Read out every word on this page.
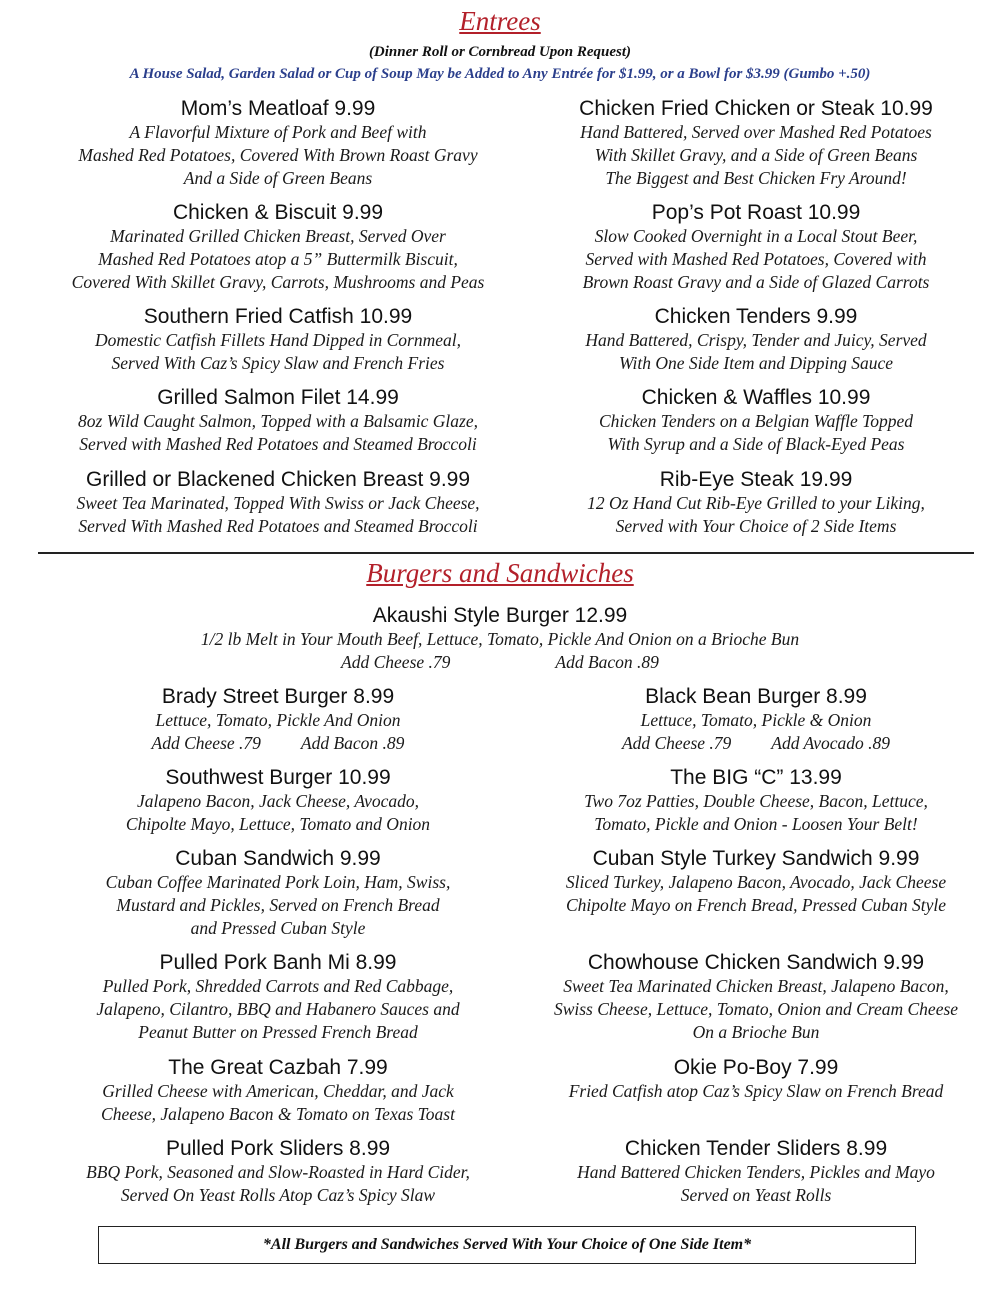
Entrees
(Dinner Roll or Cornbread Upon Request)
A House Salad, Garden Salad or Cup of Soup May be Added to Any Entrée for $1.99, or a Bowl for $3.99 (Gumbo +.50)
Mom’s Meatloaf 9.99
A Flavorful Mixture of Pork and Beef with
Mashed Red Potatoes, Covered With Brown Roast Gravy
And a Side of Green Beans
Chicken & Biscuit 9.99
Marinated Grilled Chicken Breast, Served Over
Mashed Red Potatoes atop a 5” Buttermilk Biscuit,
Covered With Skillet Gravy, Carrots, Mushrooms and Peas
Southern Fried Catfish 10.99
Domestic Catfish Fillets Hand Dipped in Cornmeal,
Served With Caz’s Spicy Slaw and French Fries
Grilled Salmon Filet 14.99
8oz Wild Caught Salmon, Topped with a Balsamic Glaze,
Served with Mashed Red Potatoes and Steamed Broccoli
Grilled or Blackened Chicken Breast 9.99
Sweet Tea Marinated, Topped With Swiss or Jack Cheese,
Served With Mashed Red Potatoes and Steamed Broccoli
Chicken Fried Chicken or Steak 10.99
Hand Battered, Served over Mashed Red Potatoes
With Skillet Gravy, and a Side of Green Beans
The Biggest and Best Chicken Fry Around!
Pop’s Pot Roast 10.99
Slow Cooked Overnight in a Local Stout Beer,
Served with Mashed Red Potatoes, Covered with
Brown Roast Gravy and a Side of Glazed Carrots
Chicken Tenders 9.99
Hand Battered, Crispy, Tender and Juicy, Served
With One Side Item and Dipping Sauce
Chicken & Waffles 10.99
Chicken Tenders on a Belgian Waffle Topped
With Syrup and a Side of Black-Eyed Peas
Rib-Eye Steak 19.99
12 Oz Hand Cut Rib-Eye Grilled to your Liking,
Served with Your Choice of 2 Side Items
Burgers and Sandwiches
Akaushi Style Burger 12.99
1/2 lb Melt in Your Mouth Beef, Lettuce, Tomato, Pickle And Onion on a Brioche Bun
Add Cheese .79	Add Bacon .89
Brady Street Burger 8.99
Lettuce, Tomato, Pickle And Onion
Add Cheese .79 Add Bacon .89
Southwest Burger 10.99
Jalapeno Bacon, Jack Cheese, Avocado,
Chipolte Mayo, Lettuce, Tomato and Onion
Cuban Sandwich 9.99
Cuban Coffee Marinated Pork Loin, Ham, Swiss,
Mustard and Pickles, Served on French Bread
and Pressed Cuban Style
Pulled Pork Banh Mi 8.99
Pulled Pork, Shredded Carrots and Red Cabbage,
Jalapeno, Cilantro, BBQ and Habanero Sauces and
Peanut Butter on Pressed French Bread
The Great Cazbah 7.99
Grilled Cheese with American, Cheddar, and Jack
Cheese, Jalapeno Bacon & Tomato on Texas Toast
Pulled Pork Sliders 8.99
BBQ Pork, Seasoned and Slow-Roasted in Hard Cider,
Served On Yeast Rolls Atop Caz’s Spicy Slaw
Black Bean Burger 8.99
Lettuce, Tomato, Pickle & Onion
Add Cheese .79 Add Avocado .89
The BIG “C” 13.99
Two 7oz Patties, Double Cheese, Bacon, Lettuce,
Tomato, Pickle and Onion - Loosen Your Belt!
Cuban Style Turkey Sandwich 9.99
Sliced Turkey, Jalapeno Bacon, Avocado, Jack Cheese
Chipolte Mayo on French Bread, Pressed Cuban Style
Chowhouse Chicken Sandwich 9.99
Sweet Tea Marinated Chicken Breast, Jalapeno Bacon,
Swiss Cheese, Lettuce, Tomato, Onion and Cream Cheese
On a Brioche Bun
Okie Po-Boy 7.99
Fried Catfish atop Caz’s Spicy Slaw on French Bread
Chicken Tender Sliders 8.99
Hand Battered Chicken Tenders, Pickles and Mayo
Served on Yeast Rolls
*All Burgers and Sandwiches Served With Your Choice of One Side Item*
